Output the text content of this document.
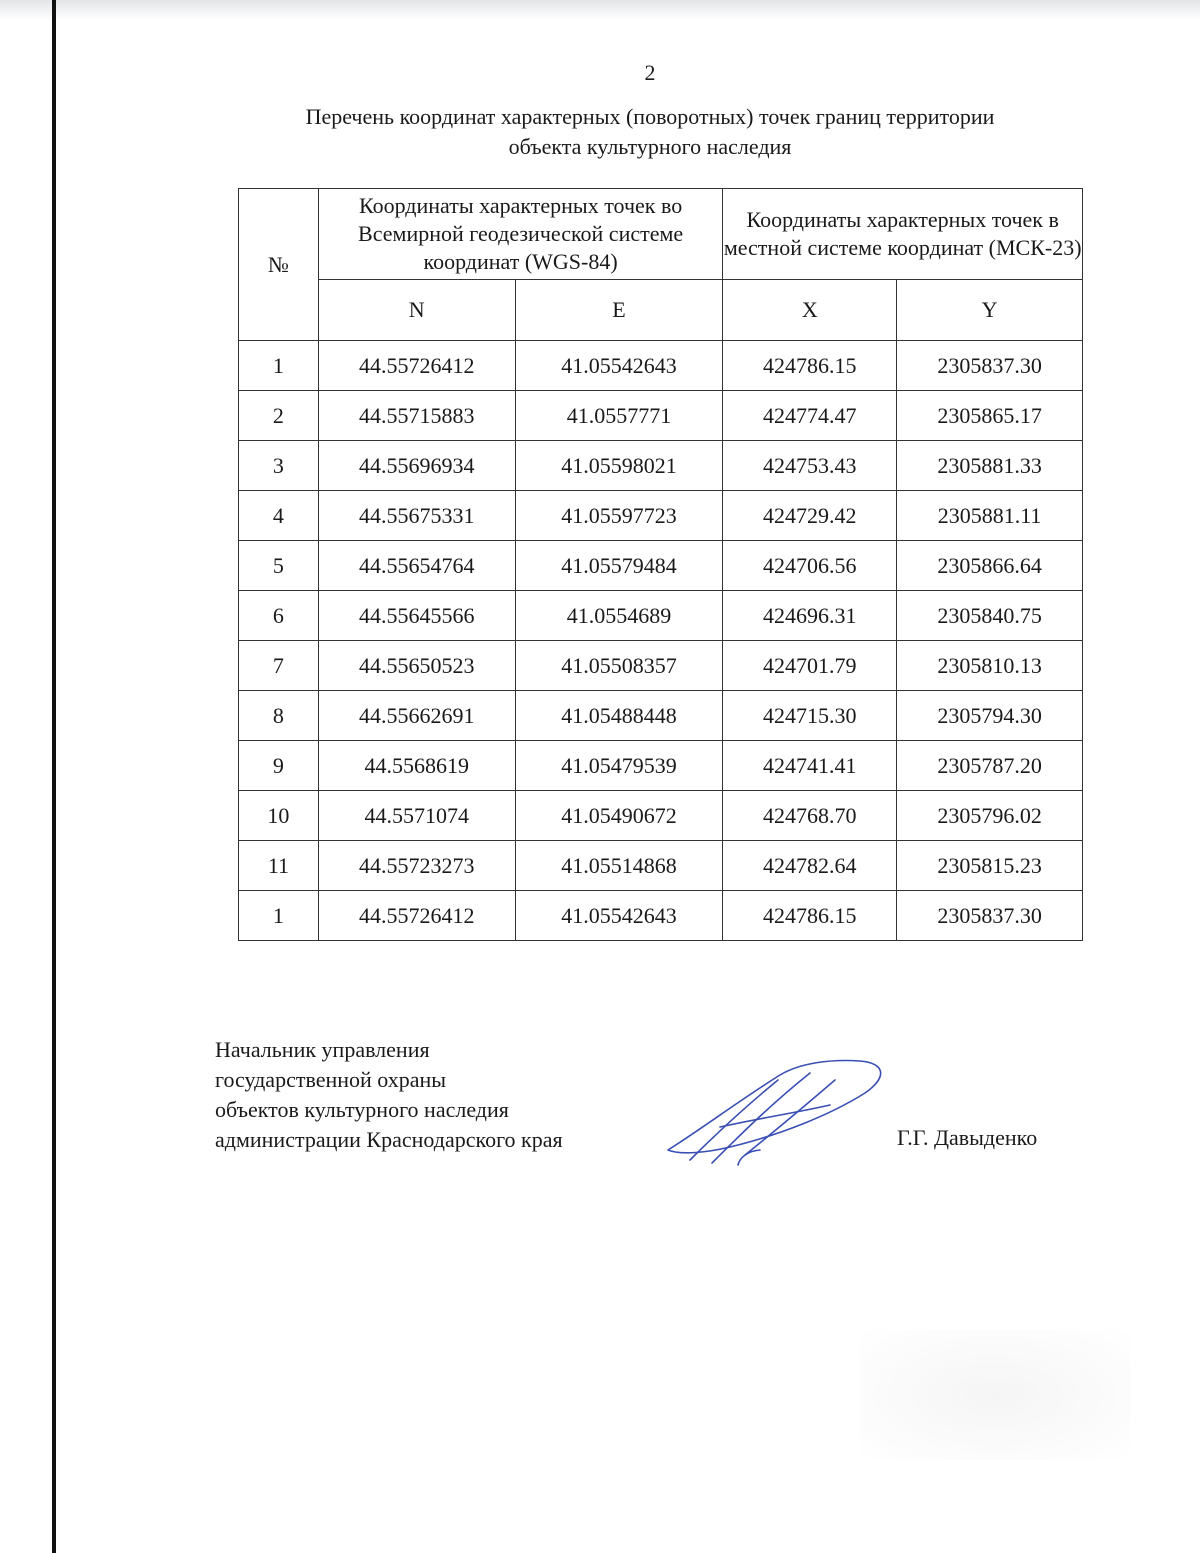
2
Перечень координат характерных (поворотных) точек границ территории
объекта культурного наследия
№	Координаты характерных точек во Всемирной геодезической системе координат (WGS-84)		Координаты характерных точек в местной системе координат (МСК-23)	
	N	E	X	Y
1	44.55726412	41.05542643	424786.15	2305837.30
2	44.55715883	41.0557771	424774.47	2305865.17
3	44.55696934	41.05598021	424753.43	2305881.33
4	44.55675331	41.05597723	424729.42	2305881.11
5	44.55654764	41.05579484	424706.56	2305866.64
6	44.55645566	41.0554689	424696.31	2305840.75
7	44.55650523	41.05508357	424701.79	2305810.13
8	44.55662691	41.05488448	424715.30	2305794.30
9	44.5568619	41.05479539	424741.41	2305787.20
10	44.5571074	41.05490672	424768.70	2305796.02
11	44.55723273	41.05514868	424782.64	2305815.23
1	44.55726412	41.05542643	424786.15	2305837.30
Начальник управления
государственной охраны
объектов культурного наследия
администрации Краснодарского края	Г.Г. Давыденко
